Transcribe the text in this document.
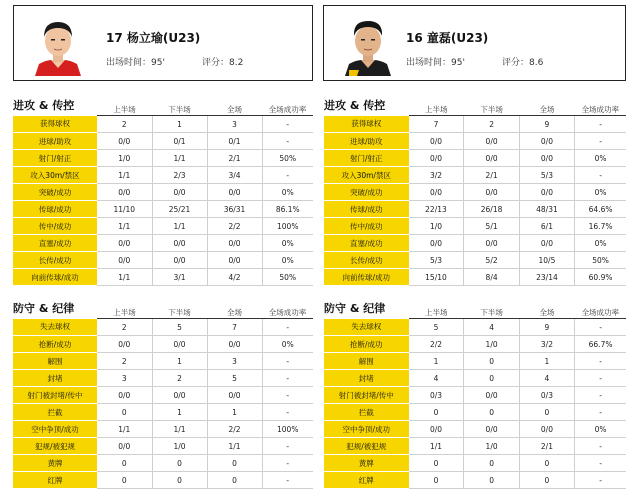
17 杨立瑜(U23)
出场时间：95'	评分：8.2
16 童磊(U23)
出场时间：95'	评分：8.6
进攻 & 传控	进攻 & 传控
防守 & 纪律	防守 & 纪律
	上半场	下半场	全场	全场成功率
获得球权	2	1	3	-
进球/助攻	0/0	0/1	0/1	-
射门/射正	1/0	1/1	2/1	50%
攻入30m/禁区	1/1	2/3	3/4	-
突破/成功	0/0	0/0	0/0	0%
传球/成功	11/10	25/21	36/31	86.1%
传中/成功	1/1	1/1	2/2	100%
直塞/成功	0/0	0/0	0/0	0%
长传/成功	0/0	0/0	0/0	0%
向前传球/成功	1/1	3/1	4/2	50%
	上半场	下半场	全场	全场成功率
获得球权	7	2	9	-
进球/助攻	0/0	0/0	0/0	-
射门/射正	0/0	0/0	0/0	0%
攻入30m/禁区	3/2	2/1	5/3	-
突破/成功	0/0	0/0	0/0	0%
传球/成功	22/13	26/18	48/31	64.6%
传中/成功	1/0	5/1	6/1	16.7%
直塞/成功	0/0	0/0	0/0	0%
长传/成功	5/3	5/2	10/5	50%
向前传球/成功	15/10	8/4	23/14	60.9%
	上半场	下半场	全场	全场成功率
失去球权	2	5	7	-
抢断/成功	0/0	0/0	0/0	0%
解围	2	1	3	-
封堵	3	2	5	-
射门被封堵/传中	0/0	0/0	0/0	-
拦截	0	1	1	-
空中争顶/成功	1/1	1/1	2/2	100%
犯规/被犯规	0/0	1/0	1/1	-
黄牌	0	0	0	-
红牌	0	0	0	-
	上半场	下半场	全场	全场成功率
失去球权	5	4	9	-
抢断/成功	2/2	1/0	3/2	66.7%
解围	1	0	1	-
封堵	4	0	4	-
射门被封堵/传中	0/3	0/0	0/3	-
拦截	0	0	0	-
空中争顶/成功	0/0	0/0	0/0	0%
犯规/被犯规	1/1	1/0	2/1	-
黄牌	0	0	0	-
红牌	0	0	0	-
